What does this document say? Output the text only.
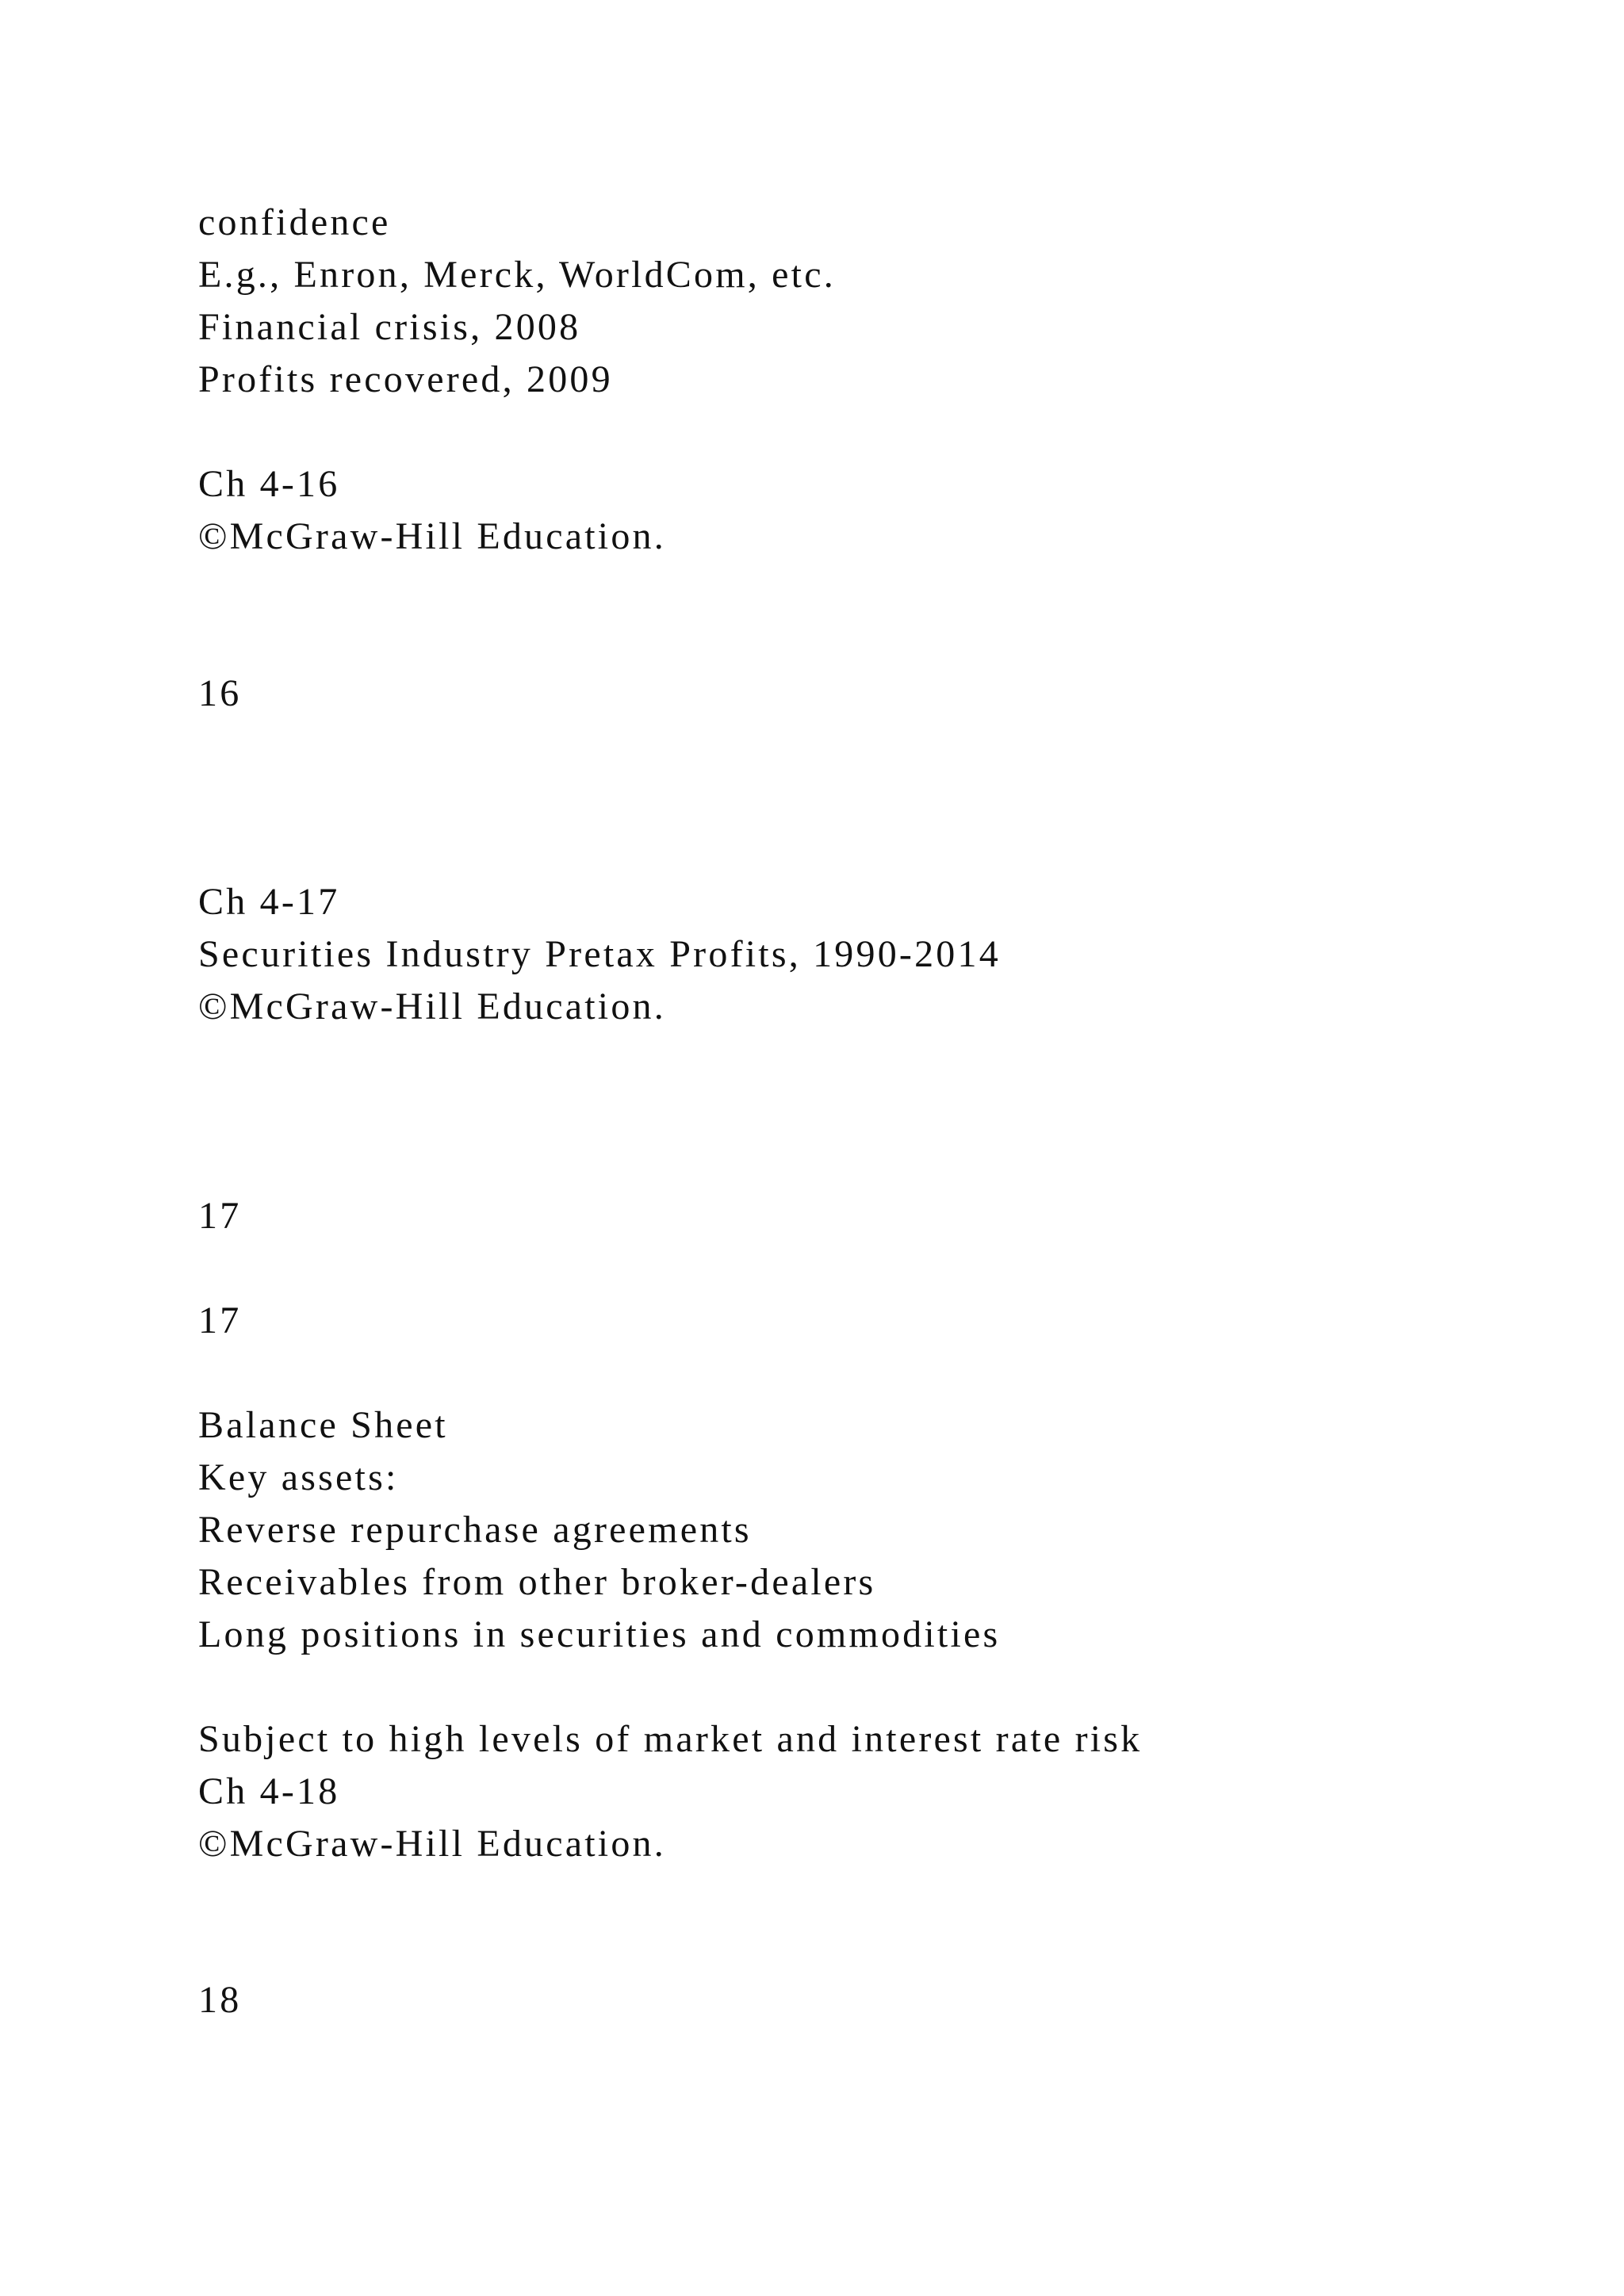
confidence

E.g., Enron, Merck, WorldCom, etc.

Financial crisis, 2008

Profits recovered, 2009

Ch 4-16

©McGraw-Hill Education.

16

Ch 4-17

Securities Industry Pretax Profits, 1990-2014

©McGraw-Hill Education.

17

17

Balance Sheet

Key assets:

Reverse repurchase agreements

Receivables from other broker-dealers

Long positions in securities and commodities

Subject to high levels of market and interest rate risk

Ch 4-18

©McGraw-Hill Education.

18
